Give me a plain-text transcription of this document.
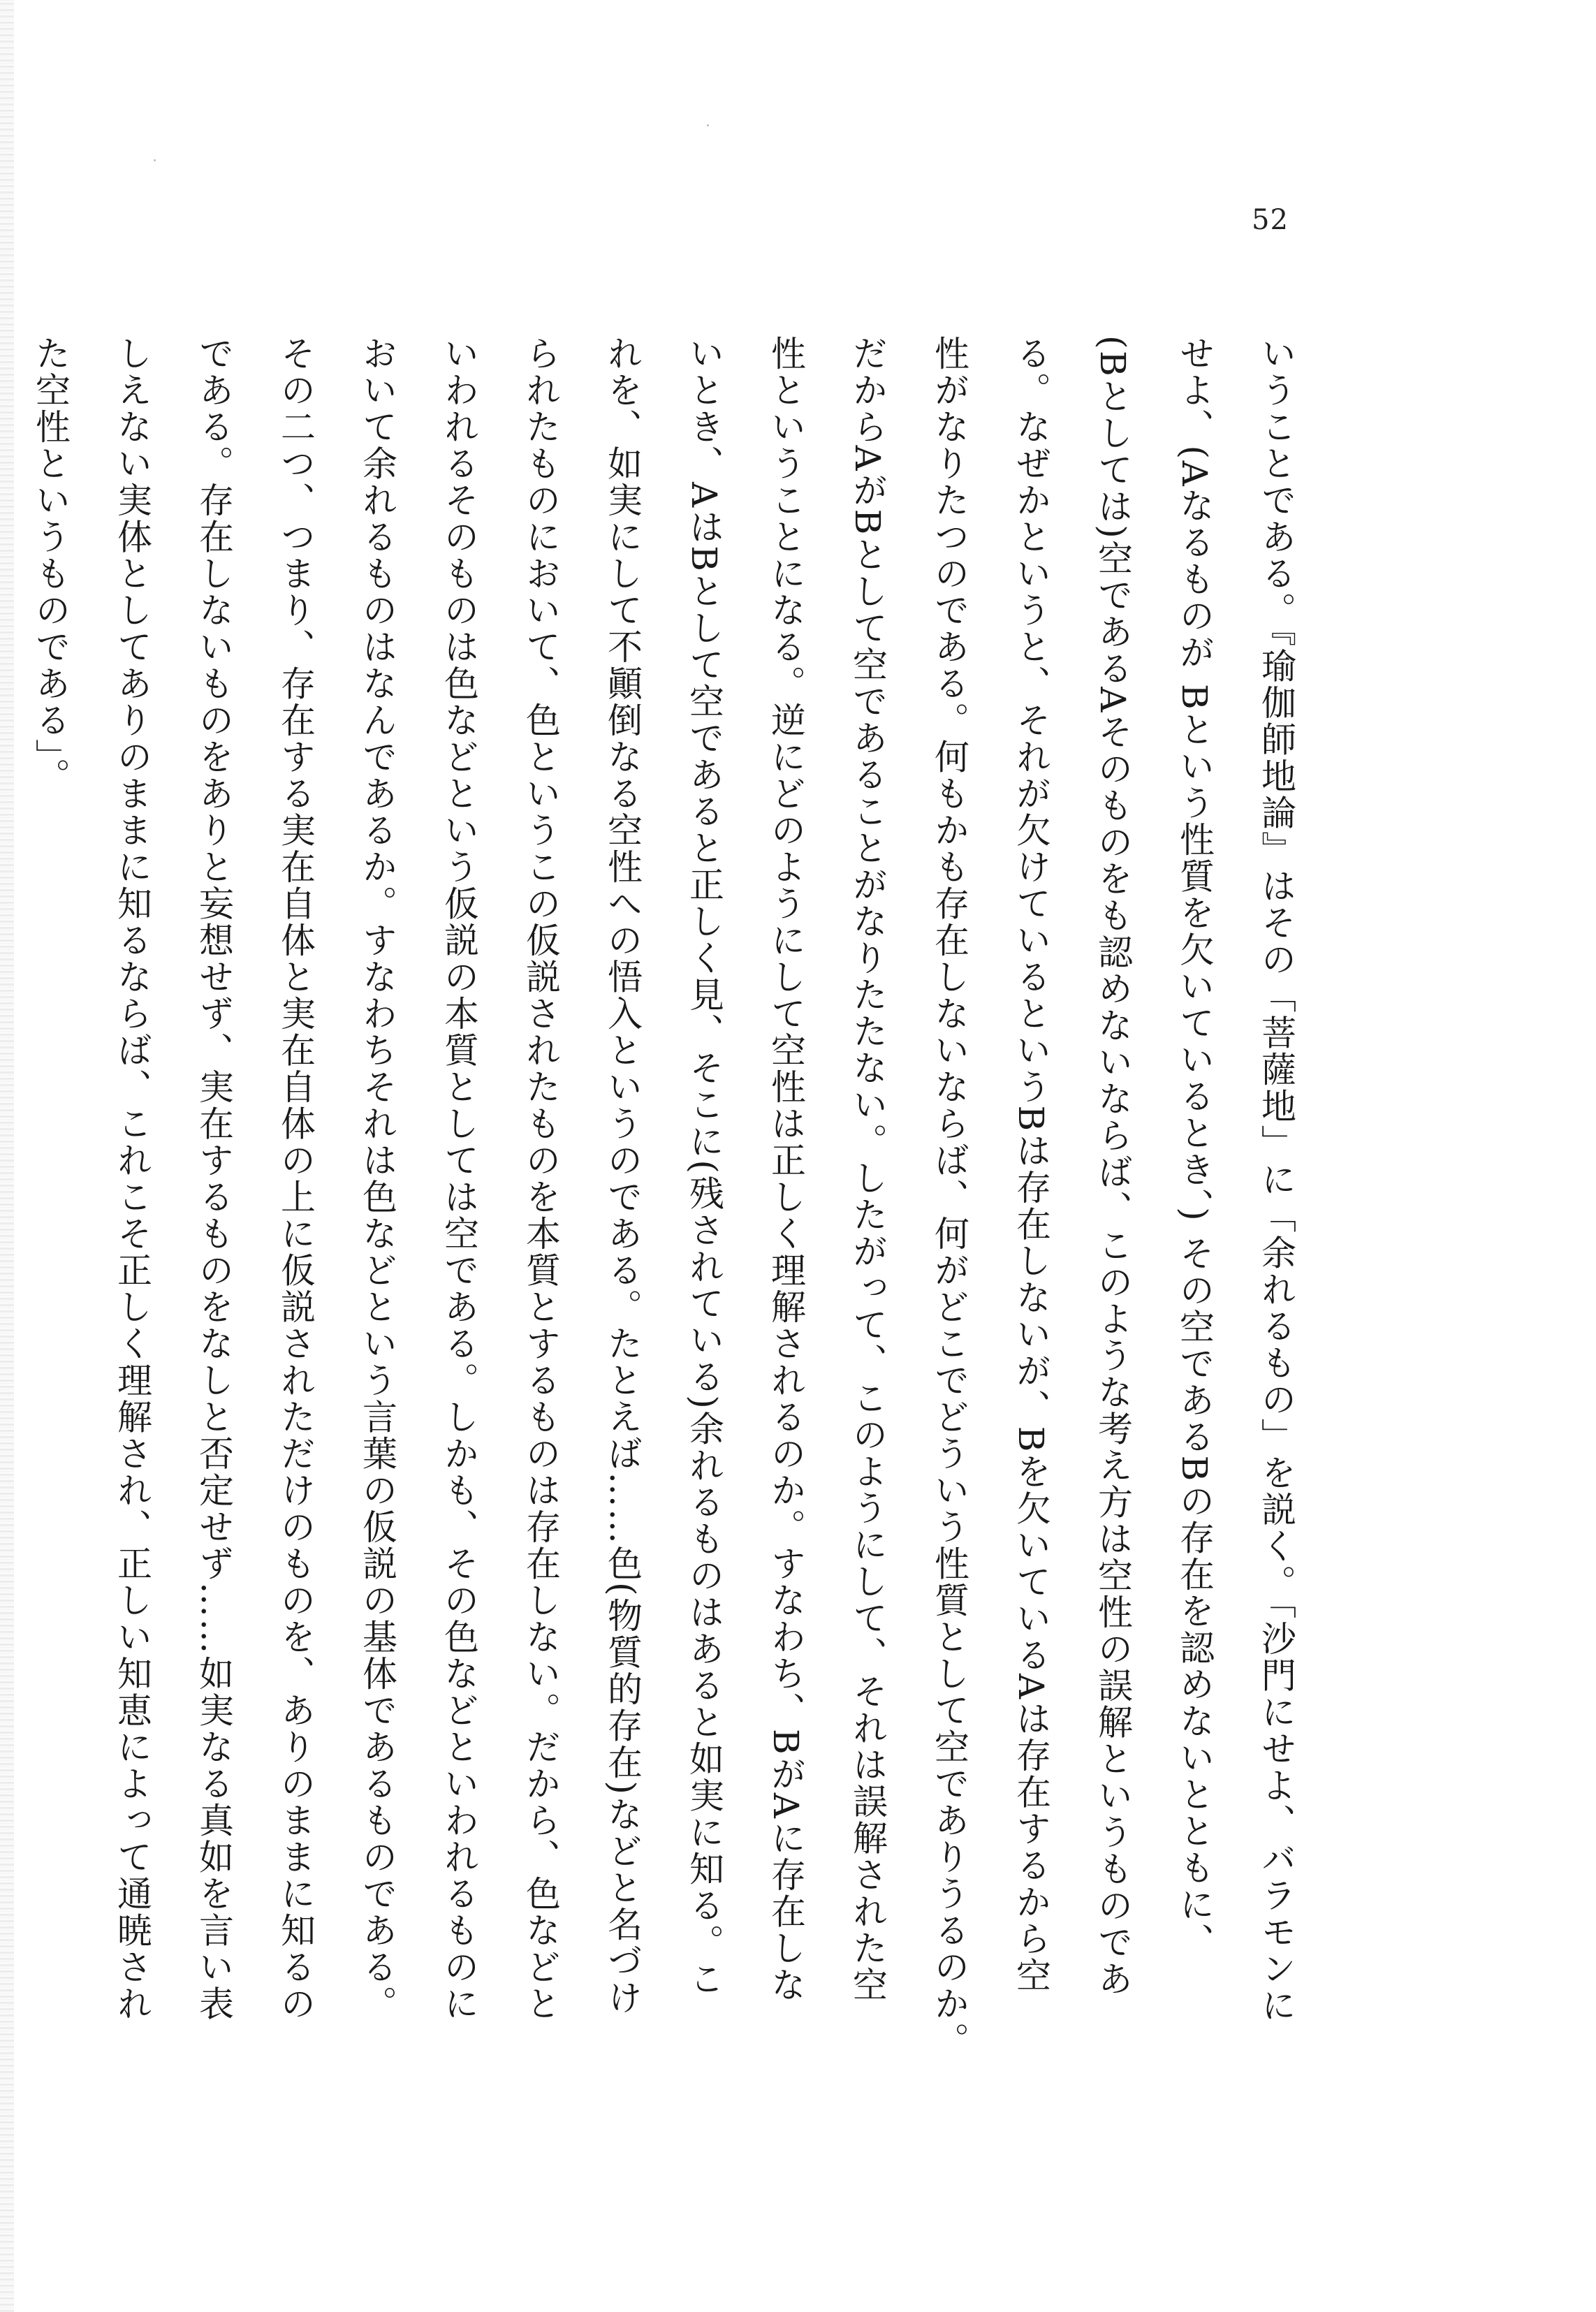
52
いうことである。『瑜伽師地論』はその「菩薩地」に「余れるもの」を説く。「沙門にせよ、バラモンに
せよ、(Aなるものが Bという性質を欠いているとき、) その空であるBの存在を認めないとともに、
(Bとしては)空であるAそのものをも認めないならば、このような考え方は空性の誤解というものであ
る。なぜかというと、それが欠けているというBは存在しないが、Bを欠いているAは存在するから空
性がなりたつのである。何もかも存在しないならば、何がどこでどういう性質として空でありうるのか。
だからAがBとして空であることがなりたたない。したがって、このようにして、それは誤解された空
性ということになる。逆にどのようにして空性は正しく理解されるのか。すなわち、BがAに存在しな
いとき、AはBとして空であると正しく見、そこに(残されている)余れるものはあると如実に知る。こ
れを、如実にして不顚倒なる空性への悟入というのである。たとえば……色(物質的存在)などと名づけ
られたものにおいて、色というこの仮説されたものを本質とするものは存在しない。だから、色などと
いわれるそのものは色などという仮説の本質としては空である。しかも、その色などといわれるものに
おいて余れるものはなんであるか。すなわちそれは色などという言葉の仮説の基体であるものである。
その二つ、つまり、存在する実在自体と実在自体の上に仮説されただけのものを、ありのままに知るの
である。存在しないものをありと妄想せず、実在するものをなしと否定せず……如実なる真如を言い表
しえない実体としてありのままに知るならば、これこそ正しく理解され、正しい知恵によって通暁され
た空性というものである」。
